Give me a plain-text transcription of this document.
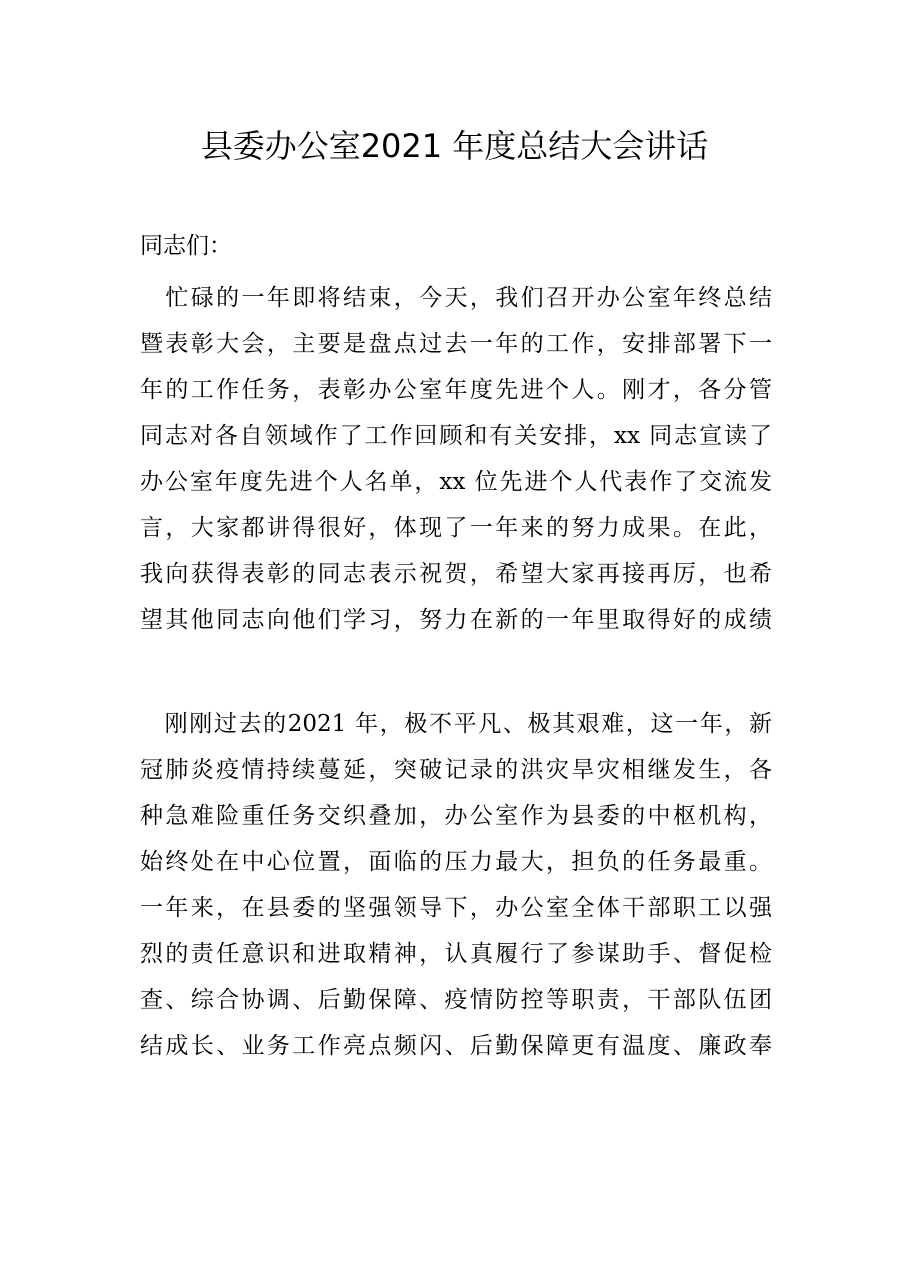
县委办公室2021 年度总结大会讲话
同志们：
　忙碌的一年即将结束，今天，我们召开办公室年终总结
暨表彰大会，主要是盘点过去一年的工作，安排部署下一
年的工作任务，表彰办公室年度先进个人。刚才，各分管
同志对各自领域作了工作回顾和有关安排，xx 同志宣读了
办公室年度先进个人名单，xx 位先进个人代表作了交流发
言，大家都讲得很好，体现了一年来的努力成果。在此，
我向获得表彰的同志表示祝贺，希望大家再接再厉，也希
望其他同志向他们学习，努力在新的一年里取得好的成绩
　刚刚过去的2021 年，极不平凡、极其艰难，这一年，新
冠肺炎疫情持续蔓延，突破记录的洪灾旱灾相继发生，各
种急难险重任务交织叠加，办公室作为县委的中枢机构，
始终处在中心位置，面临的压力最大，担负的任务最重。
一年来，在县委的坚强领导下，办公室全体干部职工以强
烈的责任意识和进取精神，认真履行了参谋助手、督促检
查、综合协调、后勤保障、疫情防控等职责，干部队伍团
结成长、业务工作亮点频闪、后勤保障更有温度、廉政奉
